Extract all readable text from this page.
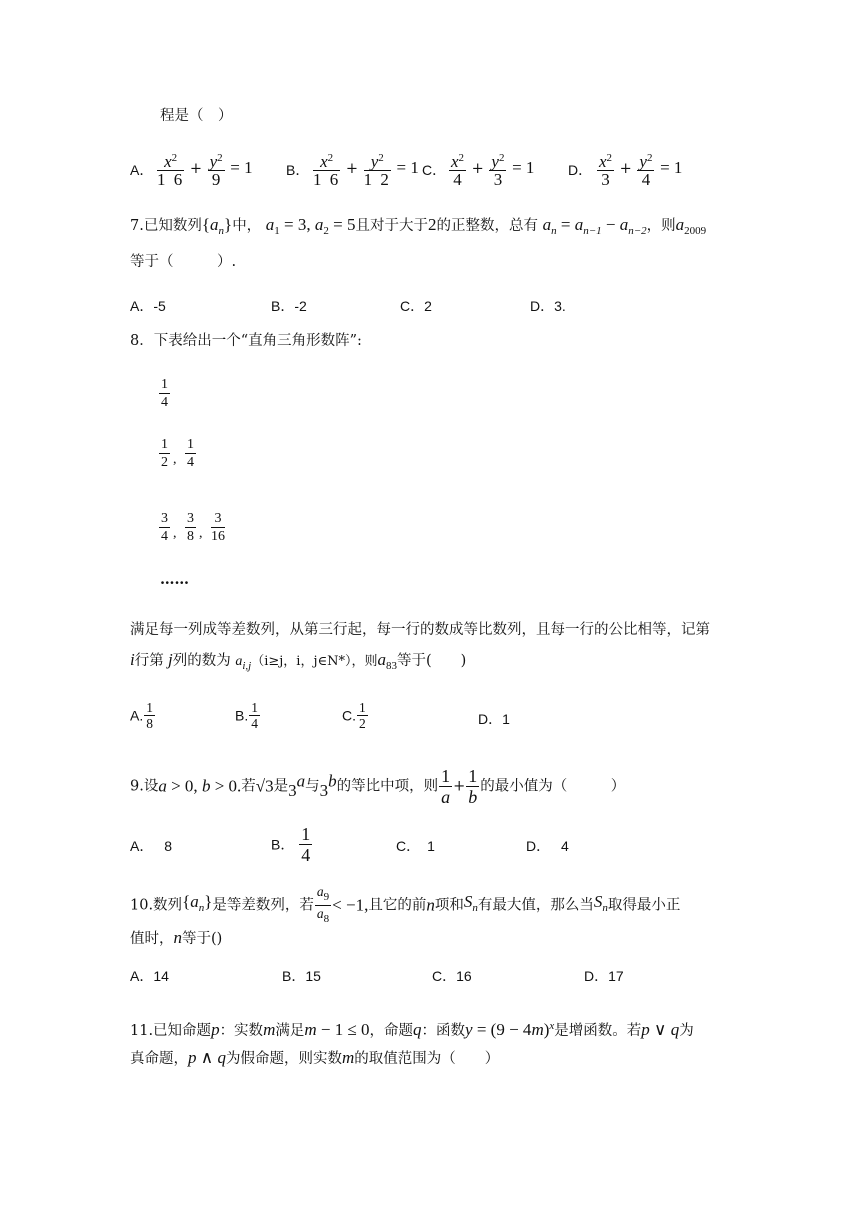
程是（　）
A． $\frac{x^2}{1 6} + \frac{y^2}{9} = 1$ B． $\frac{x^2}{1 6} + \frac{y^2}{1 2} = 1$ C． $\frac{x^2}{4} + \frac{y^2}{3} = 1$ D． $\frac{x^2}{3} + \frac{y^2}{4} = 1$
7.已知数列$\{a_n\}$中， $a_1 = 3$, $a_2 = 5$且对于大于2的正整数，总有 $a_n = a_{n-1} - a_{n-2}$，则$a_{2009}$
等于（　　　）.
A．-5	B．-2	C．2	D．3.
8．下表给出一个“直角三角形数阵”:
$\frac{1}{4}$
$\frac{1}{2}$ , $\frac{1}{4}$
$\frac{3}{4}$ , $\frac{3}{8}$ , $\frac{3}{16}$
……
满足每一列成等差数列，从第三行起，每一行的数成等比数列，且每一行的公比相等，记第
i行第 j列的数为 $a_{i,j}(i\ge j$，i，j∈N*），则$a_{83}$等于(　　)
A. $\frac{1}{8}$	B. $\frac{1}{4}$	C. $\frac{1}{2}$	D．1
9.设a > 0, b > 0.若√3是3$^a$与3$^b$的等比中项，则 $\frac{1}{a} + \frac{1}{b}$ 的最小值为（　　　）
A．　 8	B． $\frac{1}{4}$	C．　 1	D．　 4
10.数列$\{a_n\}$是等差数列，若 $\frac{a_9}{a_8} < -1$,且它的前n项和$S_n$有最大值，那么当$S_n$取得最小正
值时，n等于()
A．14	B．15	C．16	D．17
11.已知命题p：实数m满足m − 1 ≤ 0，命题q：函数$y = (9 - 4m)^x$是增函数。若p ∨ q为
真命题，p ∧ q为假命题，则实数m的取值范围为（　　）
